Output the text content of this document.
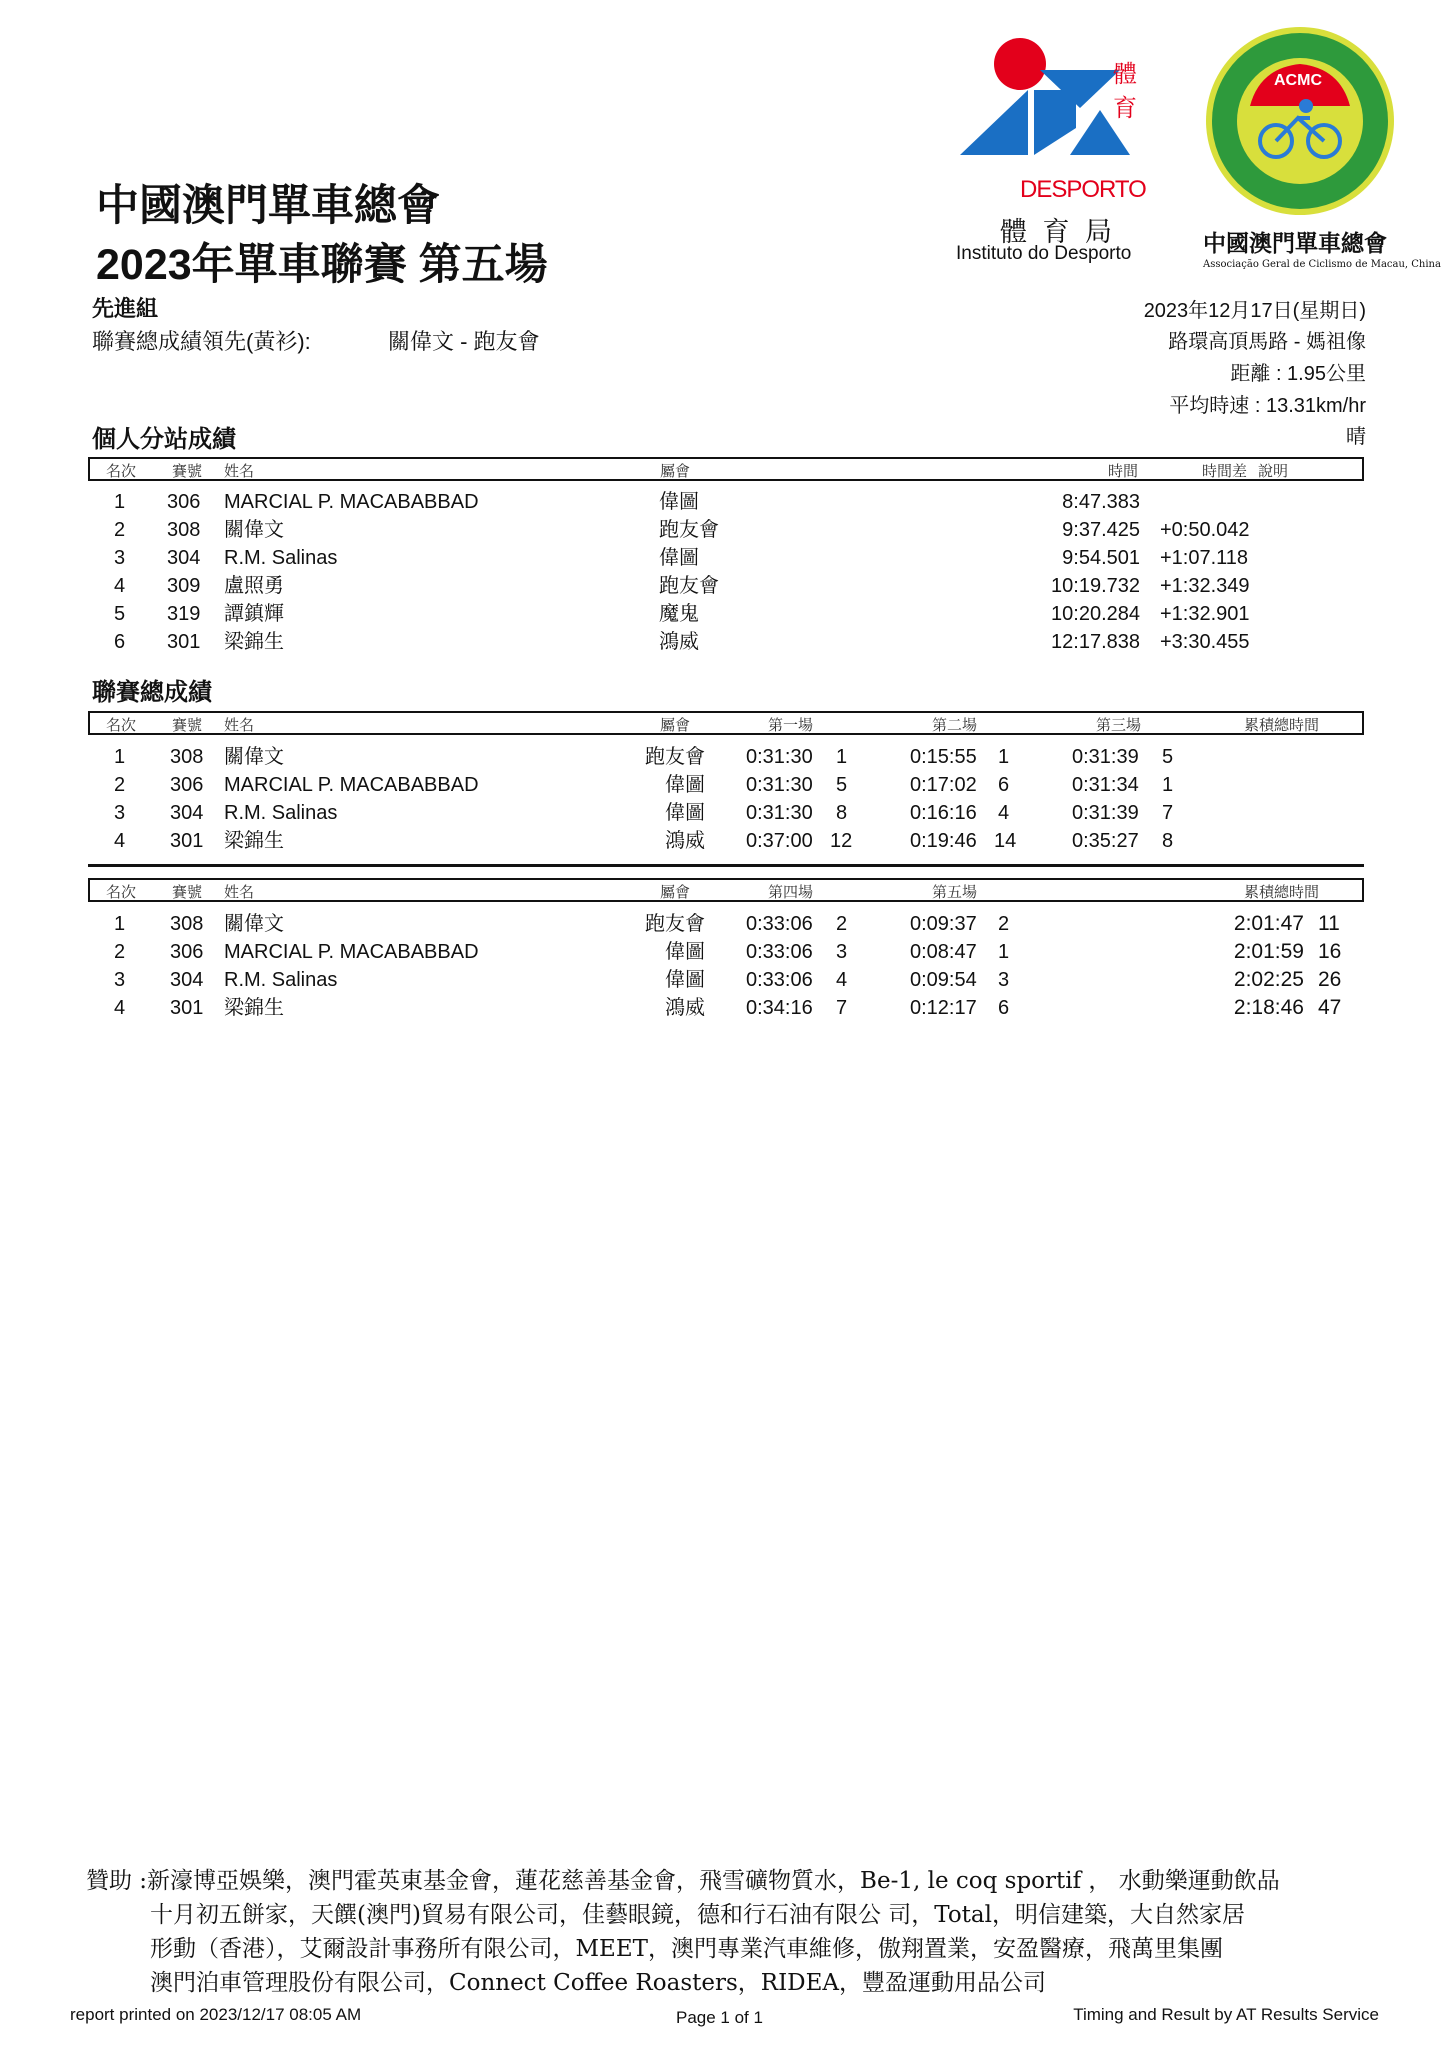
體
育
DESPORTO
體 育 局
Instituto do Desporto
ACMC
中國澳門單車總會
Associação Geral de Ciclismo de Macau, China
中國澳門單車總會
2023年單車聯賽 第五場
先進組
聯賽總成績領先(黃衫):	關偉文 - 跑友會
2023年12月17日(星期日)
路環高頂馬路 - 媽祖像
距離 : 1.95公里
平均時速 : 13.31km/hr
晴
個人分站成績
名次 賽號 姓名	屬會	時間	時間差 說明
1 306 MARCIAL P. MACABABBAD	偉圖	8:47.383
2 308 關偉文	跑友會	9:37.425 +0:50.042
3 304 R.M. Salinas	偉圖	9:54.501 +1:07.118
4 309 盧照勇	跑友會	10:19.732 +1:32.349
5 319 譚鎮輝	魔鬼	10:20.284 +1:32.901
6 301 梁錦生	鴻威	12:17.838 +3:30.455
聯賽總成績
名次 賽號 姓名	屬會	第一場	第二場	第三場	累積總時間
1 308 關偉文	跑友會 0:31:30 1	0:15:55 1	0:31:39 5
2 306 MARCIAL P. MACABABBAD	偉圖 0:31:30 5	0:17:02 6	0:31:34 1
3 304 R.M. Salinas	偉圖 0:31:30 8	0:16:16 4	0:31:39 7
4 301 梁錦生	鴻威 0:37:00 12	0:19:46 14	0:35:27 8
名次 賽號 姓名	屬會	第四場	第五場	累積總時間
1 308 關偉文	跑友會 0:33:06 2	0:09:37 2	2:01:47 11
2 306 MARCIAL P. MACABABBAD	偉圖 0:33:06 3	0:08:47 1	2:01:59 16
3 304 R.M. Salinas	偉圖 0:33:06 4	0:09:54 3	2:02:25 26
4 301 梁錦生	鴻威 0:34:16 7	0:12:17 6	2:18:46 47
贊助 :新濠博亞娛樂，澳門霍英東基金會，蓮花慈善基金會，飛雪礦物質水，Be-1, le coq sportif ， 水動樂運動飲品
十月初五餅家，天饌(澳門)貿易有限公司，佳藝眼鏡，德和行石油有限公 司，Total，明信建築，大自然家居
形動（香港），艾爾設計事務所有限公司，MEET，澳門專業汽車維修，傲翔置業，安盈醫療，飛萬里集團
澳門泊車管理股份有限公司，Connect Coffee Roasters，RIDEA，豐盈運動用品公司
report printed on 2023/12/17 08:05 AM	Page 1 of 1	Timing and Result by AT Results Service
